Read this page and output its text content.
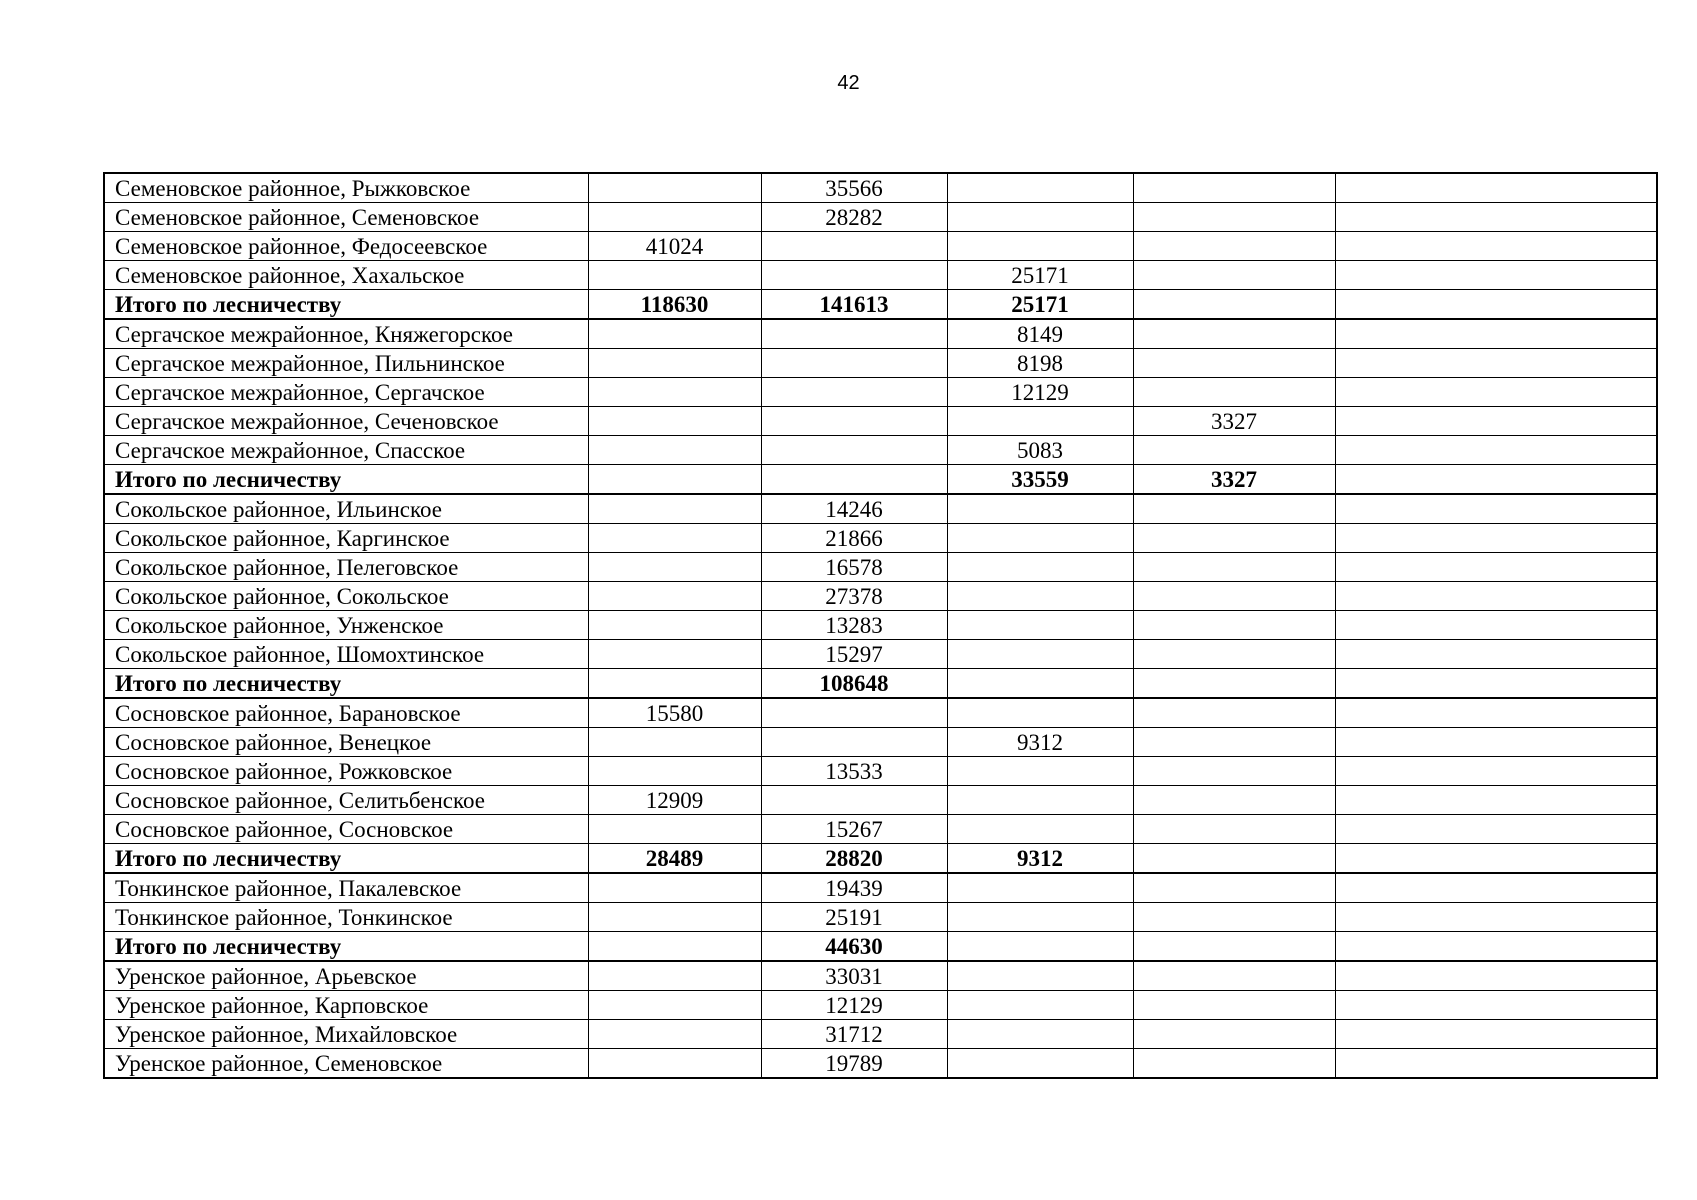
42
Семеновское районное, Рыжковское		35566			
Семеновское районное, Семеновское		28282			
Семеновское районное, Федосеевское	41024				
Семеновское районное, Хахальское			25171		
Итого по лесничеству	118630	141613	25171		
Сергачское межрайонное, Княжегорское			8149		
Сергачское межрайонное, Пильнинское			8198		
Сергачское межрайонное, Сергачское			12129		
Сергачское межрайонное, Сеченовское				3327	
Сергачское межрайонное, Спасское			5083		
Итого по лесничеству			33559	3327	
Сокольское районное, Ильинское		14246			
Сокольское районное, Каргинское		21866			
Сокольское районное, Пелеговское		16578			
Сокольское районное, Сокольское		27378			
Сокольское районное, Унженское		13283			
Сокольское районное, Шомохтинское		15297			
Итого по лесничеству		108648			
Сосновское районное, Барановское	15580				
Сосновское районное, Венецкое			9312		
Сосновское районное, Рожковское		13533			
Сосновское районное, Селитьбенское	12909				
Сосновское районное, Сосновское		15267			
Итого по лесничеству	28489	28820	9312		
Тонкинское районное, Пакалевское		19439			
Тонкинское районное, Тонкинское		25191			
Итого по лесничеству		44630			
Уренское районное, Арьевское		33031			
Уренское районное, Карповское		12129			
Уренское районное, Михайловское		31712			
Уренское районное, Семеновское		19789			
